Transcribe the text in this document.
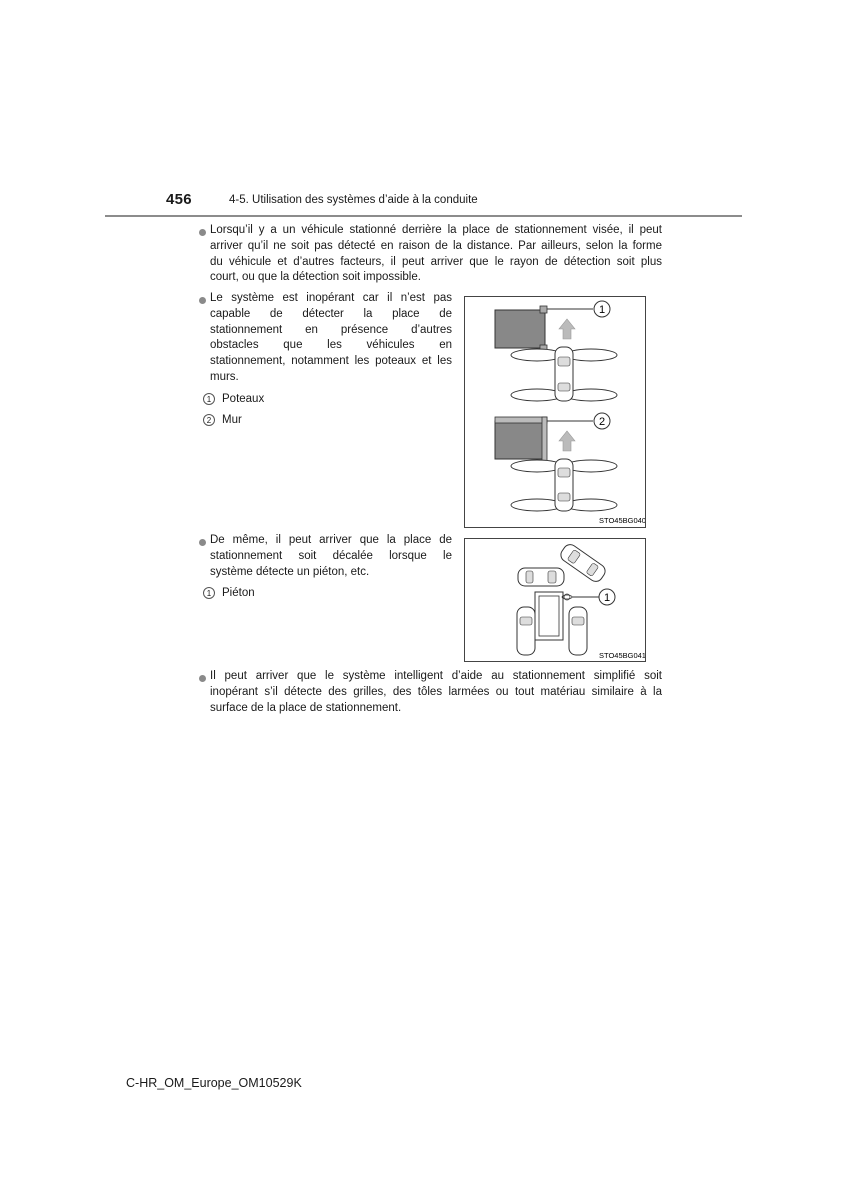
456	4-5. Utilisation des systèmes d’aide à la conduite
Lorsqu’il y a un véhicule stationné derrière la place de stationnement visée, il peut
arriver qu’il ne soit pas détecté en raison de la distance. Par ailleurs, selon la forme
du véhicule et d’autres facteurs, il peut arriver que le rayon de détection soit plus
court, ou que la détection soit impossible.
Le système est inopérant car il n’est pas
capable de détecter la place de
stationnement en présence d’autres
obstacles que les véhicules en
stationnement, notamment les poteaux et les
murs.
1 Poteaux
2 Mur
1
2
STO45BG040
De même, il peut arriver que la place de
stationnement soit décalée lorsque le
système détecte un piéton, etc.
1 Piéton	1
STO45BG041
Il peut arriver que le système intelligent d’aide au stationnement simplifié soit
inopérant s’il détecte des grilles, des tôles larmées ou tout matériau similaire à la
surface de la place de stationnement.
C-HR_OM_Europe_OM10529K
